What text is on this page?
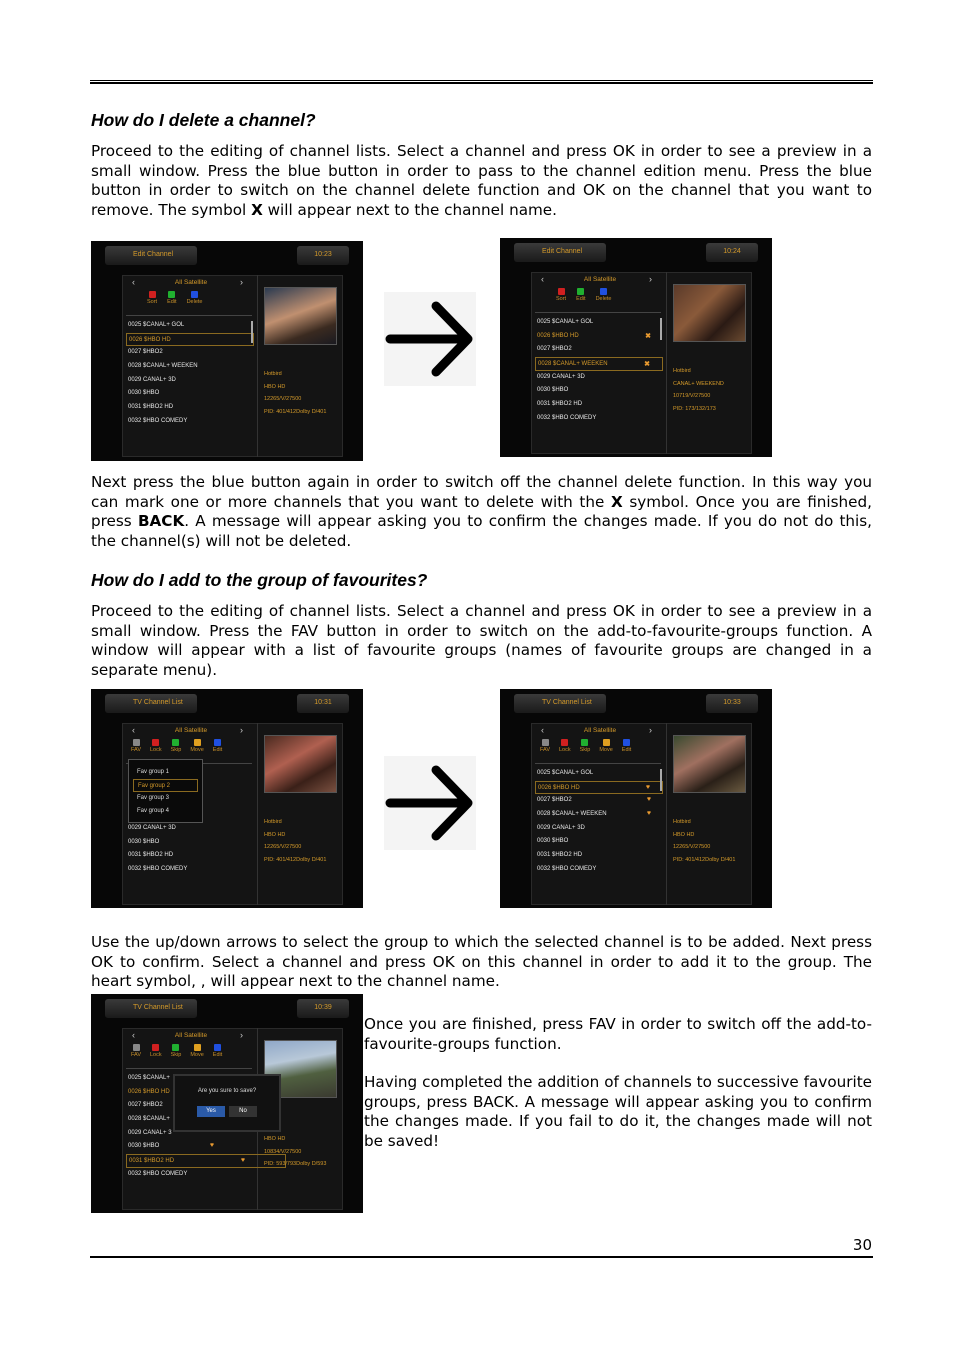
How do I delete a channel?

Proceed to the editing of channel lists. Select a channel and press OK in order to see a preview in a small window. Press the blue button in order to pass to the channel edition menu. Press the blue button in order to switch on the channel delete function and OK on the channel that you want to remove. The symbol X will appear next to the channel name.

Edit Channel	10:23
‹	›
All Satellite
Sort Edit Delete
0025 $CANAL+ GOL
0026 $HBO HD
0027 $HBO2
0028 $CANAL+ WEEKEN
0029 CANAL+ 3D
0030 $HBO
0031 $HBO2 HD
0032 $HBO COMEDY
Hotbird
HBO HD
12265/V/27500
PID: 401/412Dolby D/401
Edit Channel	10:24
‹	›
All Satellite
Sort Edit Delete
0025 $CANAL+ GOL
0026 $HBO HD	✖
0027 $HBO2
0028 $CANAL+ WEEKEN	✖
0029 CANAL+ 3D
0030 $HBO
0031 $HBO2 HD
0032 $HBO COMEDY
Hotbird
CANAL+ WEEKEND
10719/V/27500
PID: 173/132/173

Next press the blue button again in order to switch off the channel delete function. In this way you can mark one or more channels that you want to delete with the X symbol. Once you are finished, press BACK. A message will appear asking you to confirm the changes made. If you do not do this, the channel(s) will not be deleted.

How do I add to the group of favourites?

Proceed to the editing of channel lists. Select a channel and press OK in order to see a preview in a small window. Press the FAV button in order to switch on the add-to-favourite-groups function. A window will appear with a list of favourite groups (names of favourite groups are changed in a separate menu).

TV Channel List	10:31
‹	›
All Satellite
FAV Lock Skip Move Edit
Fav group 1
Fav group 2
Fav group 3
Fav group 4
0029 CANAL+ 3D
0030 $HBO
0031 $HBO2 HD
0032 $HBO COMEDY
Hotbird
HBO HD
12265/V/27500
PID: 401/412Dolby D/401
TV Channel List	10:33
‹	›
All Satellite
FAV Lock Skip Move Edit
0025 $CANAL+ GOL
0026 $HBO HD	♥
0027 $HBO2	♥
0028 $CANAL+ WEEKEN	♥
0029 CANAL+ 3D
0030 $HBO
0031 $HBO2 HD
0032 $HBO COMEDY
Hotbird
HBO HD
12265/V/27500
PID: 401/412Dolby D/401

Use the up/down arrows to select the group to which the selected channel is to be added. Next press OK to confirm. Select a channel and press OK on this channel in order to add it to the group. The heart symbol, , will appear next to the channel name.

TV Channel List	10:39
‹	›
All Satellite
FAV Lock Skip Move Edit
0025 $CANAL+
0026 $HBO HD
0027 $HBO2
0028 $CANAL+
0029 CANAL+ 3
0030 $HBO	♥
0031 $HBO2 HD	♥
0032 $HBO COMEDY
HBO HD
10834/V/27500
PID: 593/793Dolby D/593
Are you sure to save?
Yes	No

Once you are finished, press FAV in order to switch off the add-to-favourite-groups function.

Having completed the addition of channels to successive favourite groups, press BACK. A message will appear asking you to confirm the changes made. If you fail to do it, the changes made will not be saved!

30
